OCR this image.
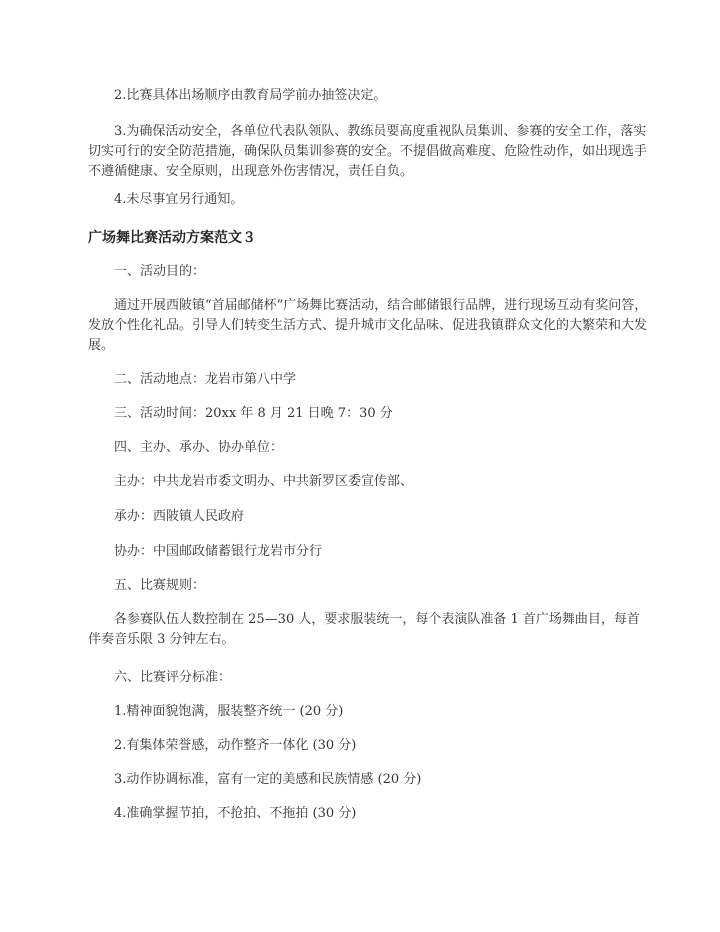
2.比赛具体出场顺序由教育局学前办抽签决定。

3.为确保活动安全，各单位代表队领队、教练员要高度重视队员集训、参赛的安全工作，落实切实可行的安全防范措施，确保队员集训参赛的安全。不提倡做高难度、危险性动作，如出现选手不遵循健康、安全原则，出现意外伤害情况，责任自负。

4.未尽事宜另行通知。

广场舞比赛活动方案范文３

一、活动目的：

通过开展西陂镇“首届邮储杯”广场舞比赛活动，结合邮储银行品牌，进行现场互动有奖问答，发放个性化礼品。引导人们转变生活方式、提升城市文化品味、促进我镇群众文化的大繁荣和大发展。

二、活动地点：龙岩市第八中学

三、活动时间：20xx 年 8 月 21 日晚 7：30 分

四、主办、承办、协办单位：

主办：中共龙岩市委文明办、中共新罗区委宣传部、

承办：西陂镇人民政府

协办：中国邮政储蓄银行龙岩市分行

五、比赛规则：

各参赛队伍人数控制在 25—30 人，要求服装统一，每个表演队准备 1 首广场舞曲目，每首伴奏音乐限 3 分钟左右。

六、比赛评分标准：

1.精神面貌饱满，服装整齐统一 (20 分)

2.有集体荣誉感，动作整齐一体化 (30 分)

3.动作协调标准，富有一定的美感和民族情感 (20 分)

4.准确掌握节拍，不抢拍、不拖拍 (30 分)
